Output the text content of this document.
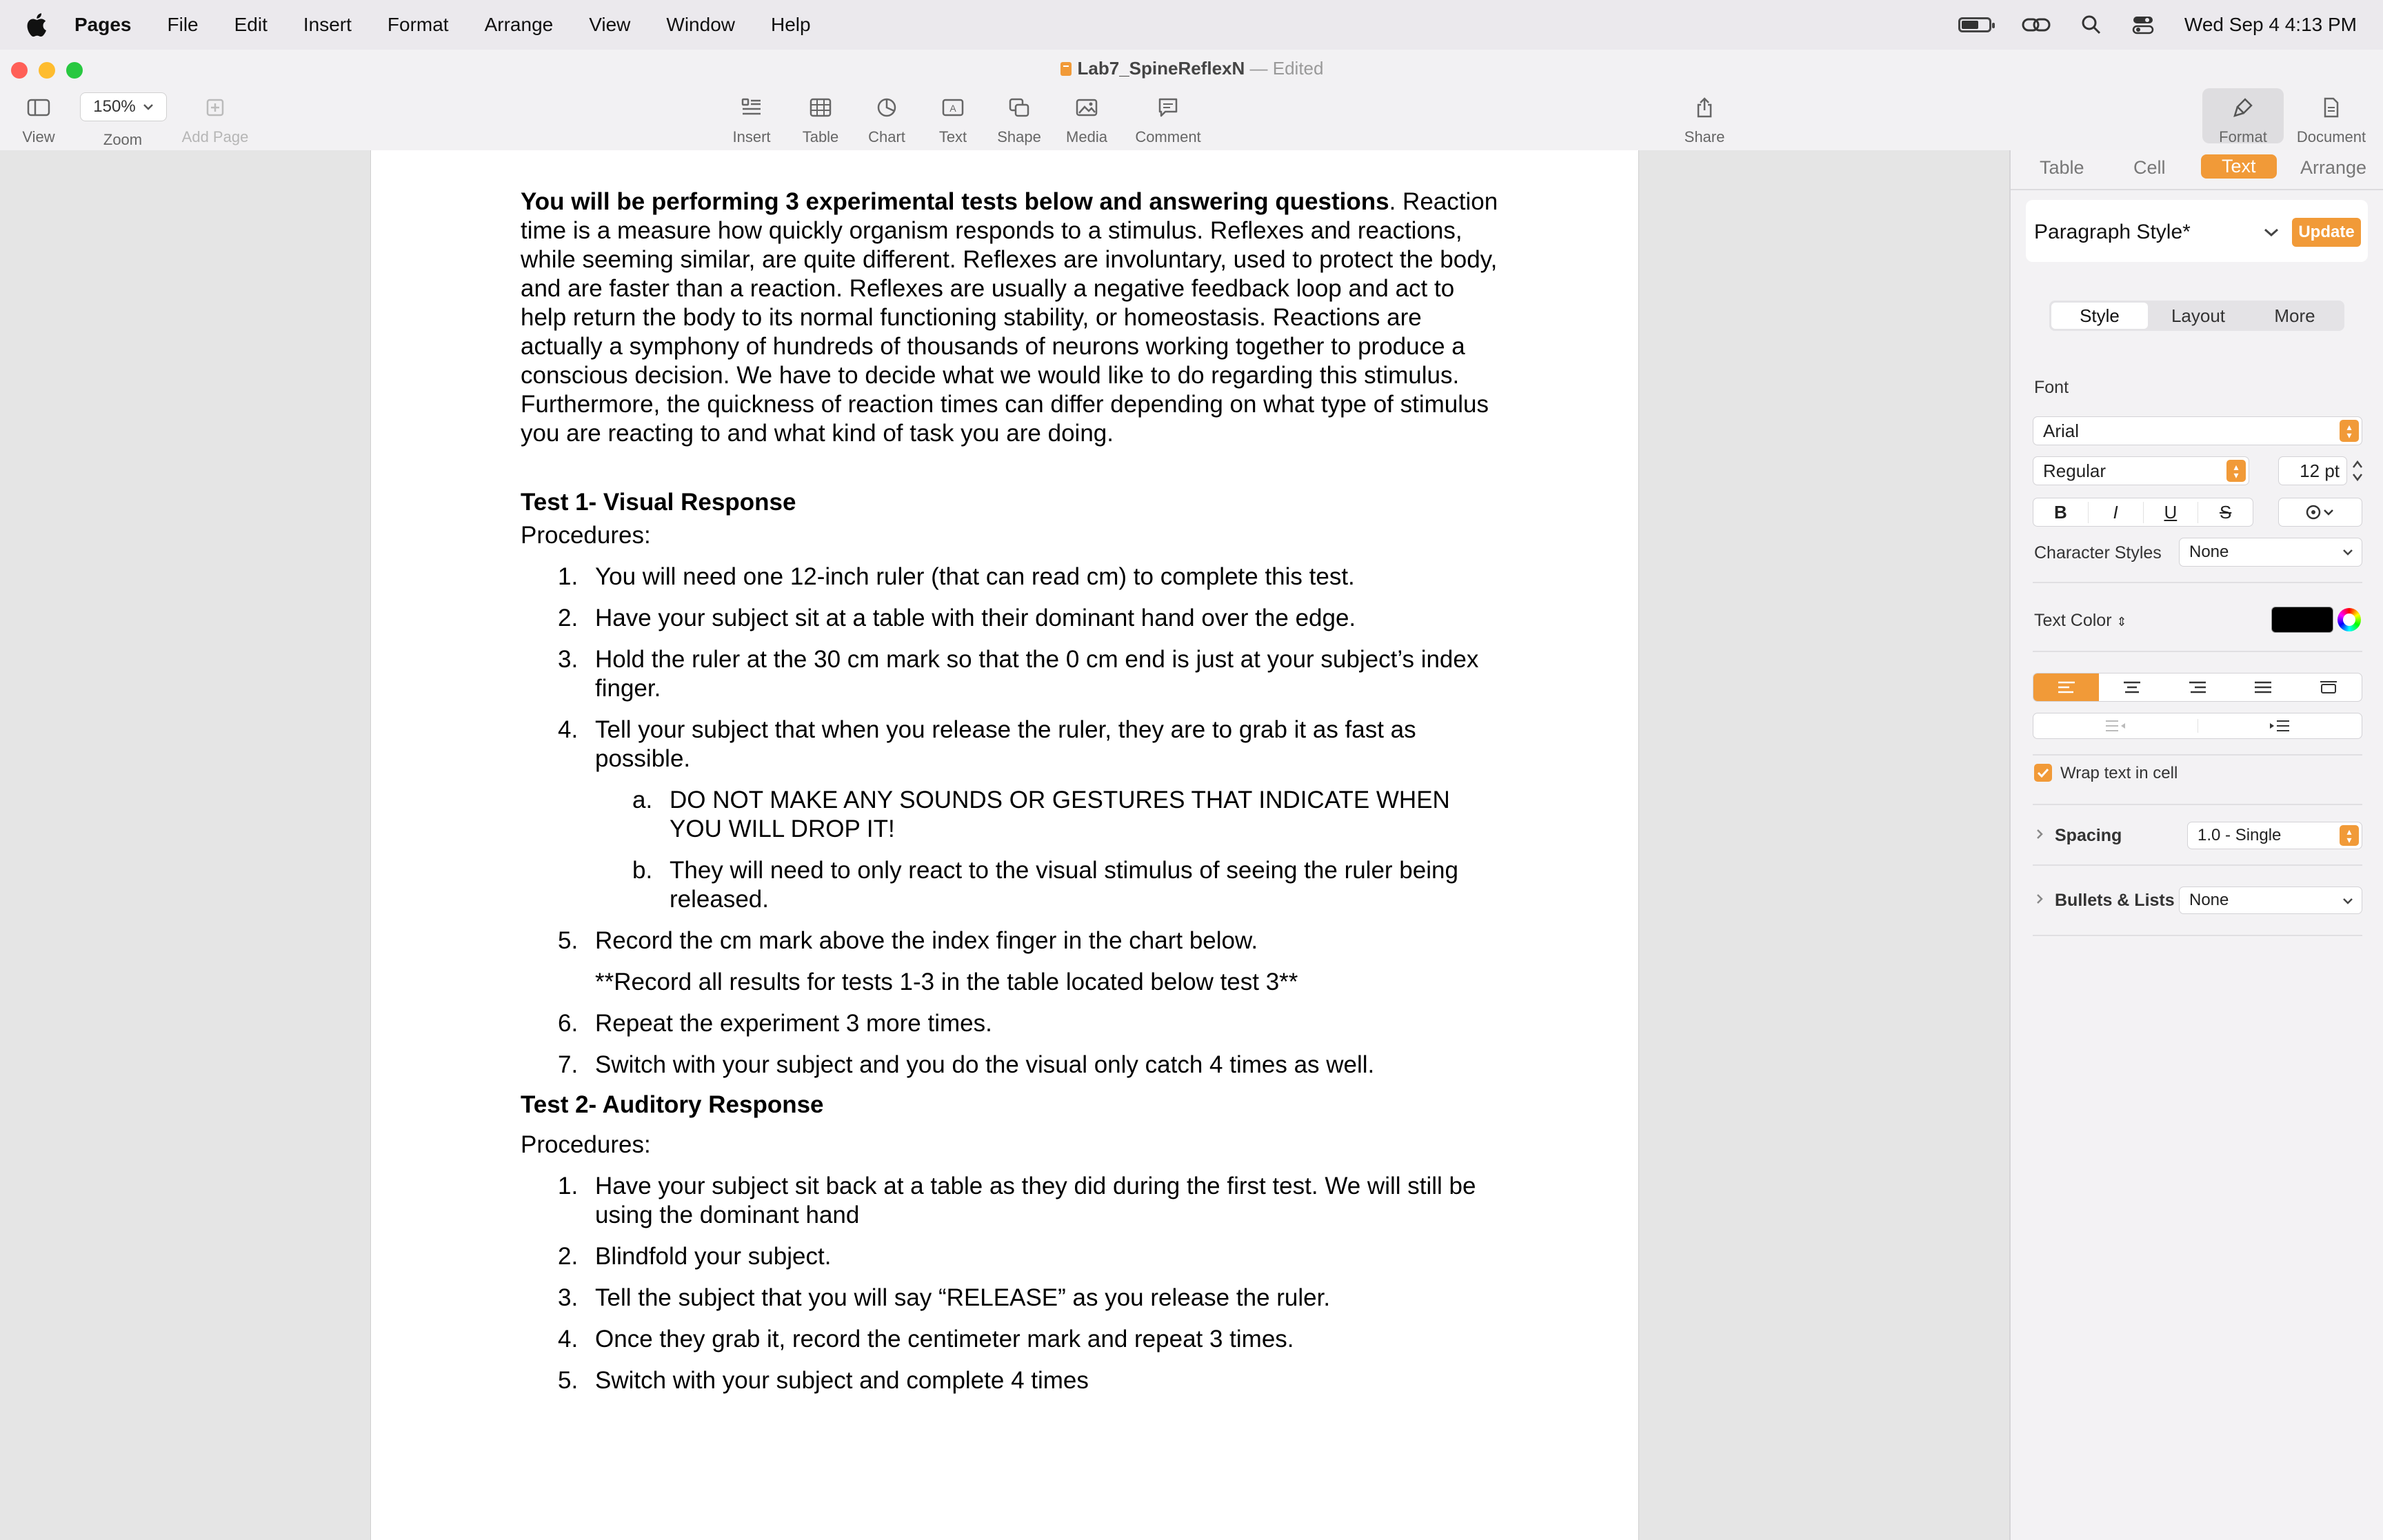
Pages File Edit Insert Format Arrange View Window Help	Wed Sep 4 4:13 PM
Lab7_SpineReflexN — Edited
View
150%
Zoom	Add Page	Insert	Table	Chart
A
Text	Shape	Media	Comment	Share	Format	Document

You will be performing 3 experimental tests below and answering questions. Reaction time is a measure how quickly organism responds to a stimulus. Reflexes and reactions, while seeming similar, are quite different. Reflexes are involuntary, used to protect the body, and are faster than a reaction. Reflexes are usually a negative feedback loop and act to help return the body to its normal functioning stability, or homeostasis. Reactions are actually a symphony of hundreds of thousands of neurons working together to produce a conscious decision. We have to decide what we would like to do regarding this stimulus. Furthermore, the quickness of reaction times can differ depending on what type of stimulus you are reacting to and what kind of task you are doing.

Test 1- Visual Response

Procedures:

1. You will need one 12-inch ruler (that can read cm) to complete this test.
2. Have your subject sit at a table with their dominant hand over the edge.
3. Hold the ruler at the 30 cm mark so that the 0 cm end is just at your subject’s index finger.
4. Tell your subject that when you release the ruler, they are to grab it as fast as possible.
a. DO NOT MAKE ANY SOUNDS OR GESTURES THAT INDICATE WHEN YOU WILL DROP IT!
b. They will need to only react to the visual stimulus of seeing the ruler being released.
5. Record the cm mark above the index finger in the chart below.

**Record all results for tests 1-3 in the table located below test 3**

6. Repeat the experiment 3 more times.
7. Switch with your subject and you do the visual only catch 4 times as well.
Test 2- Auditory Response

Procedures:

1. Have your subject sit back at a table as they did during the first test. We will still be using the dominant hand
2. Blindfold your subject.
3. Tell the subject that you will say “RELEASE” as you release the ruler.
4. Once they grab it, record the centimeter mark and repeat 3 times.
5. Switch with your subject and complete 4 times
Table	Cell	Text	Arrange
Paragraph Style*	Update
Style	Layout	More
Font
Arial	▴
▾
Regular	▴
▾	12 pt
B	I	U	S
Character Styles None
Text Color ⇕
Wrap text in cell
Spacing	1.0 - Single	▴
▾
Bullets & Lists None
